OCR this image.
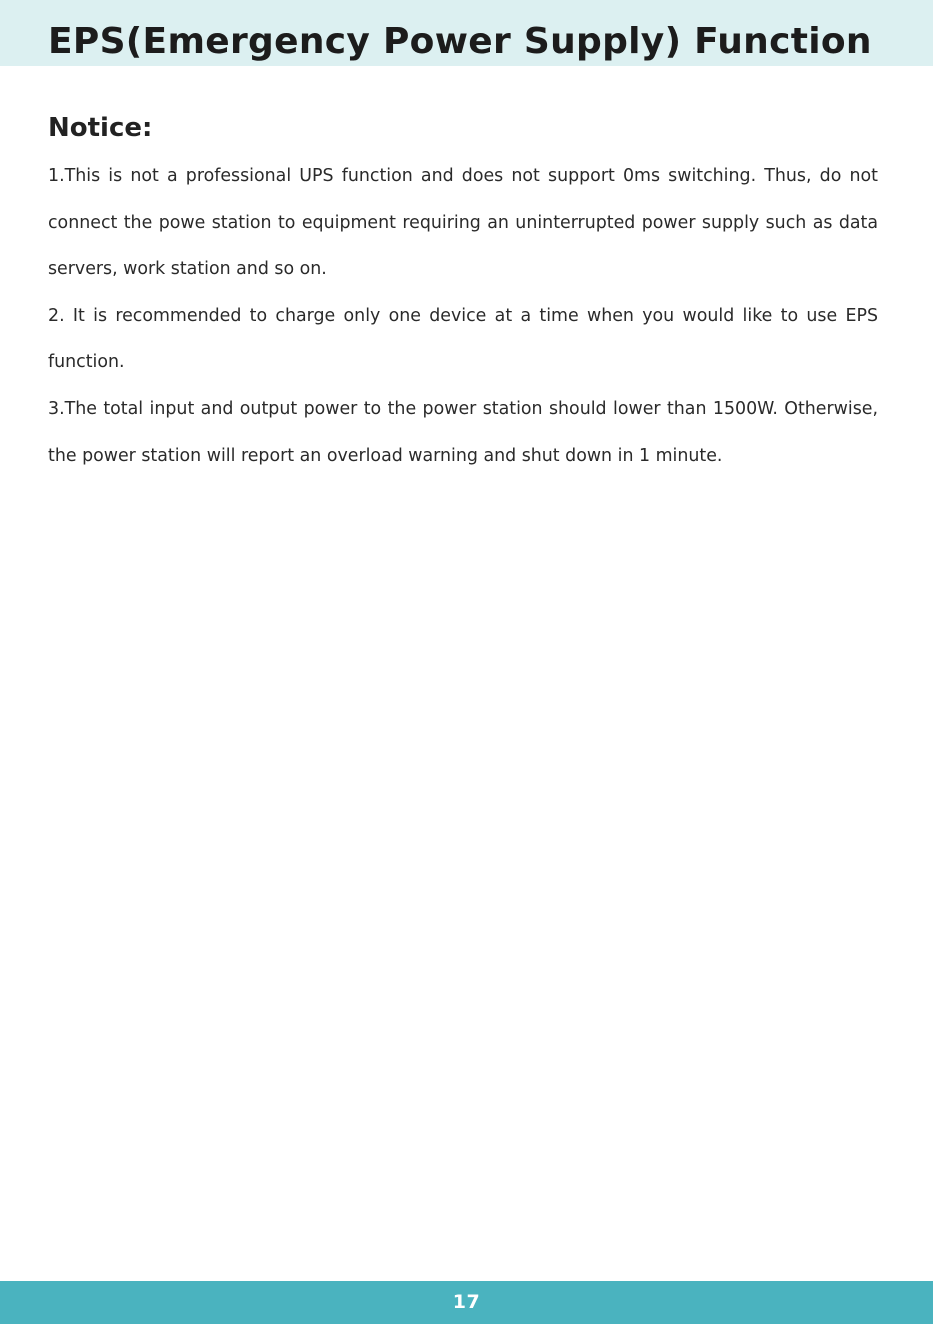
EPS(Emergency Power Supply) Function
Notice:

1.This is not a professional UPS function and does not support 0ms switching. Thus, do not connect the powe station to equipment requiring an uninterrupted power supply such as data servers, work station and so on.

2. It is recommended to charge only one device at a time when you would like to use EPS function.

3.The total input and output power to the power station should lower than 1500W. Otherwise, the power station will report an overload warning and shut down in 1 minute.

17
